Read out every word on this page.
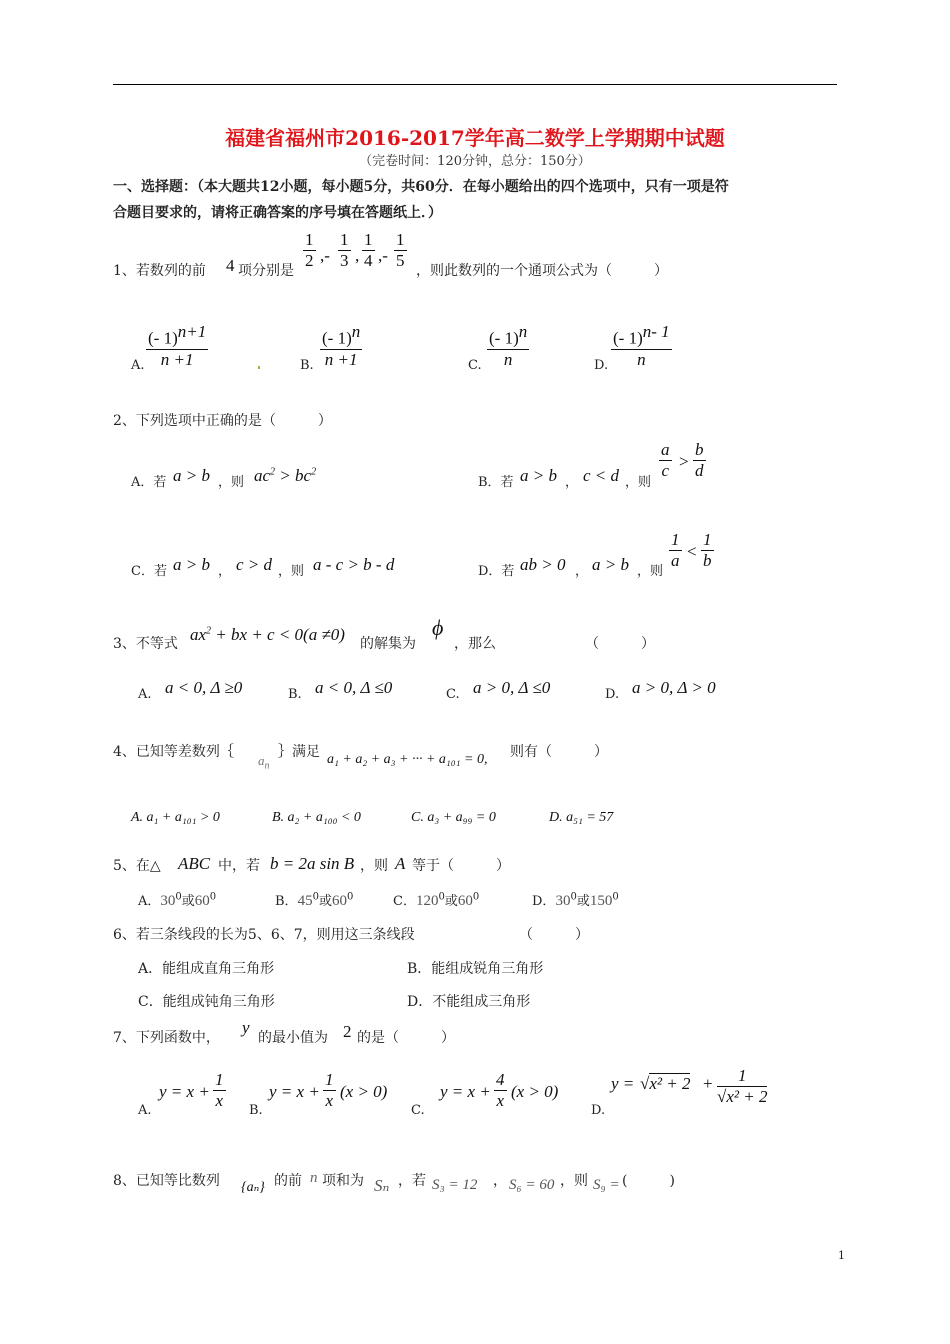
福建省福州市2016-2017学年高二数学上学期期中试题
（完卷时间：120分钟，总分：150分）
一、选择题：（本大题共12小题，每小题5分，共60分．在每小题给出的四个选项中，只有一项是符
合题目要求的，请将正确答案的序号填在答题纸上．）
1、若数列的前 4 项分别是
1
2 ,-
1
3 ,
1
4 ,-
1
5
，则此数列的一个通项公式为（　　　）
A.
(- 1)$^{n+1}$
n +1	B.
(- 1)$^n$
n +1	C.
(- 1)$^n$
n	D.
(- 1)$^{n- 1}$
n
2、下列选项中正确的是（　　　）
A．若 a > b ，则 $ac^2 > bc^2$
B．若 a > b ， c < d ，则
a
c >
b
d
C．若 a > b ， c > d ，则 a - c > b - d	D．若 ab > 0 ， a > b ，则
1
a <
1
b
3、不等式 $ax^2$ + bx + c < 0(a ≠0) 的解集为
ϕ
，那么	（　　　）
A. a < 0, Δ ≥0	B. a < 0, Δ ≤0	C. a > 0, Δ ≤0	D. a > 0, Δ > 0
4、已知等差数列｛
$a_n$
｝满足 a₁ + a₂ + a₃ + ··· + a₁₀₁ = 0, 则有（　　　）
A. a₁ + a₁₀₁ > 0	B. a₂ + a₁₀₀ < 0	C. a₃ + a₉₉ = 0	D. a₅₁ = 57
5、在△ ABC 中，若 b = 2a sin B ，则 A 等于（　　　）
A．$30^0$或$60^0$	B．$45^0$或$60^0$	C．$120^0$或$60^0$	D．$30^0$或$150^0$
6、若三条线段的长为5、6、7，则用这三条线段	（　　　）
A．能组成直角三角形	B．能组成锐角三角形
C．能组成钝角三角形	D．不能组成三角形
7、下列函数中，
y
的最小值为 2 的是（　　　）
A.
y = x +
1
x
B.
y = x +
1
x (x > 0)
C.
y = x +
4
x (x > 0)
D.
y = √x² + 2 +	1
√x² + 2
8、已知等比数列 {aₙ} 的前 n 项和为 Sₙ ，若 S₃ = 12 ， S₆ = 60 ，则 S₉ = (　　　)
1
